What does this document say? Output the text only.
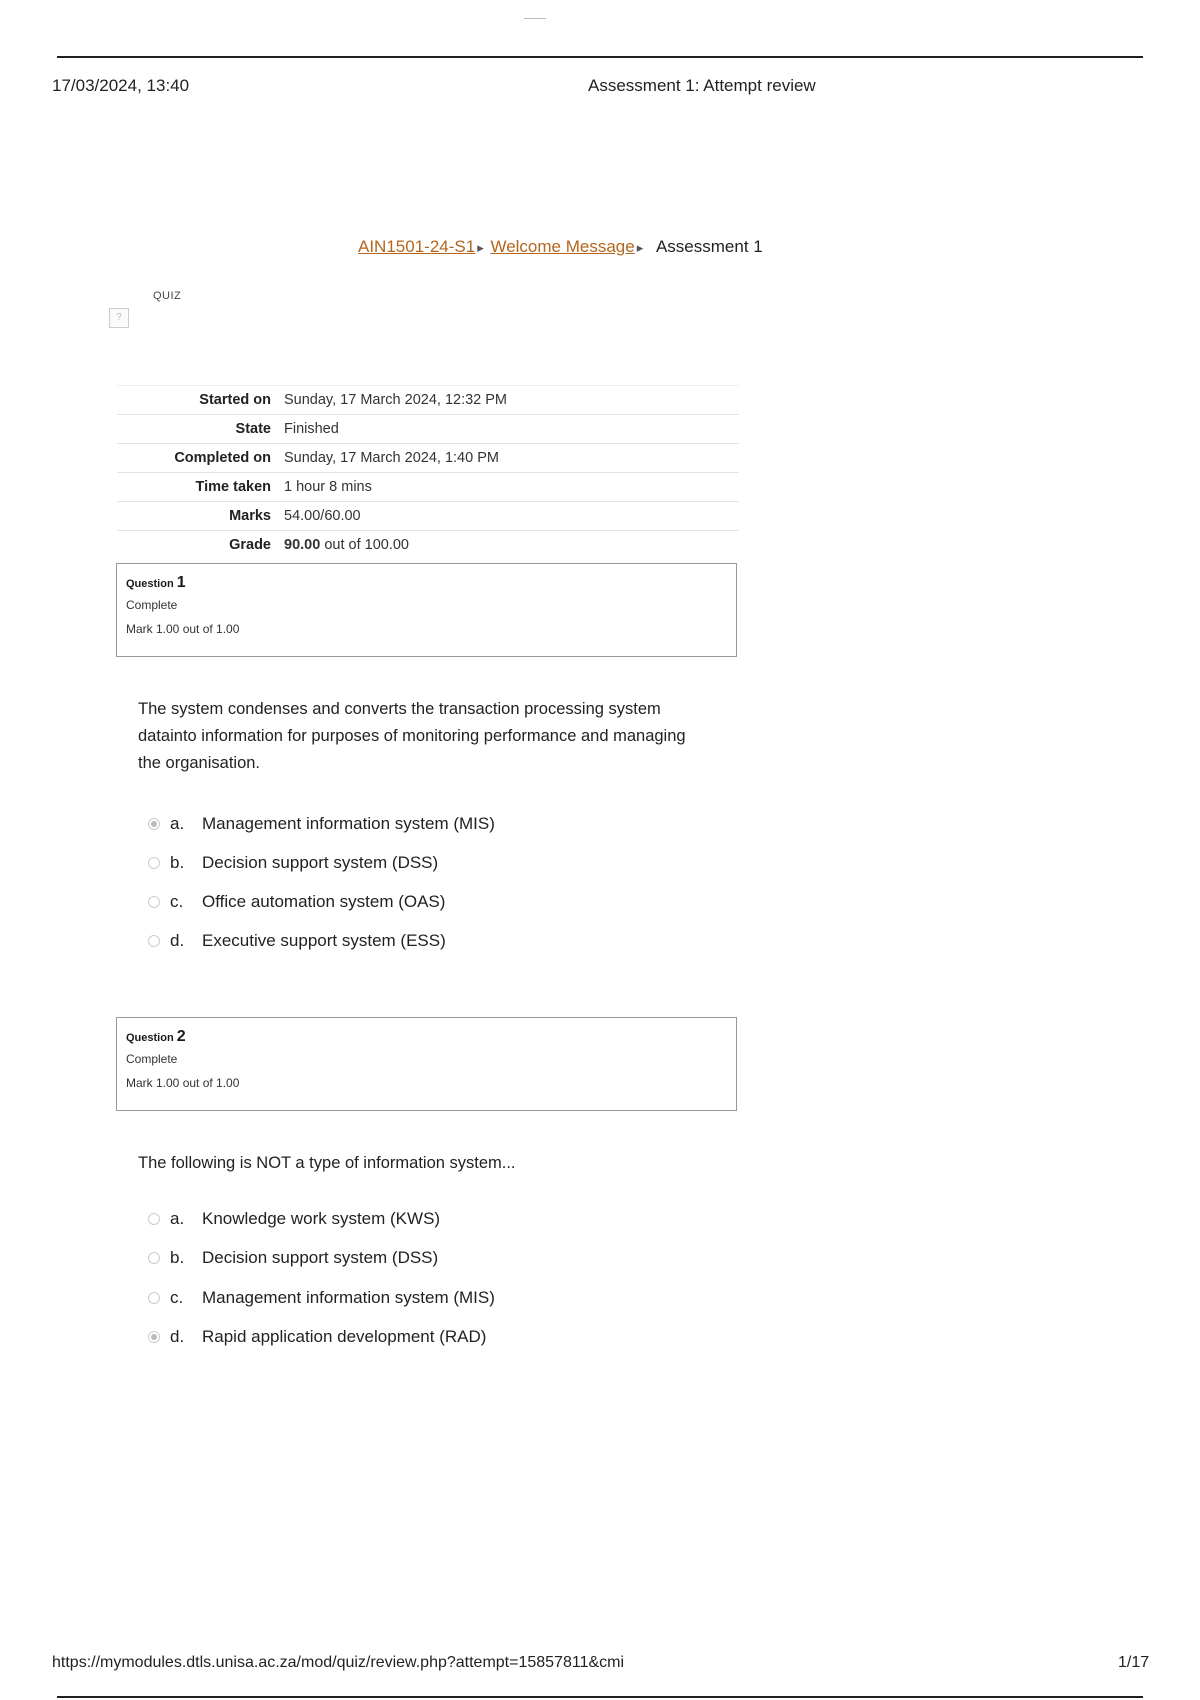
17/03/2024, 13:40	Assessment 1: Attempt review
AIN1501-24-S1 ▸ Welcome Message ▸ Assessment 1
QUIZ
?
Started on	Sunday, 17 March 2024, 12:32 PM
State	Finished
Completed on	Sunday, 17 March 2024, 1:40 PM
Time taken	1 hour 8 mins
Marks	54.00/60.00
Grade	90.00 out of 100.00
Question 1
Complete
Mark 1.00 out of 1.00
The system condenses and converts the transaction processing system datainto information for purposes of monitoring performance and managing the organisation.
a.	Management information system (MIS)
b.	Decision support system (DSS)
c.	Office automation system (OAS)
d.	Executive support system (ESS)
Question 2
Complete
Mark 1.00 out of 1.00
The following is NOT a type of information system...
a.	Knowledge work system (KWS)
b.	Decision support system (DSS)
c.	Management information system (MIS)
d.	Rapid application development (RAD)
https://mymodules.dtls.unisa.ac.za/mod/quiz/review.php?attempt=15857811&cmi	1/17
